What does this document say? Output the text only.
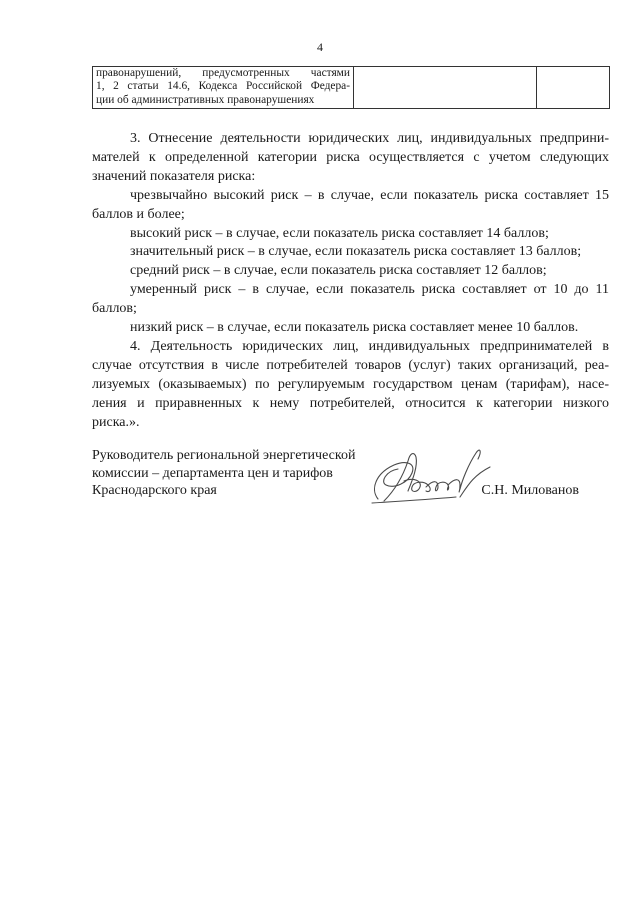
4
правонарушений, предусмотренных частями
1, 2 статьи 14.6, Кодекса Российской Федера-
ции об административных правонарушениях

3. Отнесение деятельности юридических лиц, индивидуальных предприни-
мателей к определенной категории риска осуществляется с учетом следующих
значений показателя риска:
чрезвычайно высокий риск – в случае, если показатель риска составляет 15
баллов и более;
высокий риск – в случае, если показатель риска составляет 14 баллов;
значительный риск – в случае, если показатель риска составляет 13 баллов;
средний риск – в случае, если показатель риска составляет 12 баллов;
умеренный риск – в случае, если показатель риска составляет от 10 до 11
баллов;
низкий риск – в случае, если показатель риска составляет менее 10 баллов.
4. Деятельность юридических лиц, индивидуальных предпринимателей в
случае отсутствия в числе потребителей товаров (услуг) таких организаций, реа-
лизуемых (оказываемых) по регулируемым государством ценам (тарифам), насе-
ления и приравненных к нему потребителей, относится к категории низкого
риска.».
Руководитель региональной энергетической
комиссии – департамента цен и тарифов
Краснодарского края	С.Н. Милованов
